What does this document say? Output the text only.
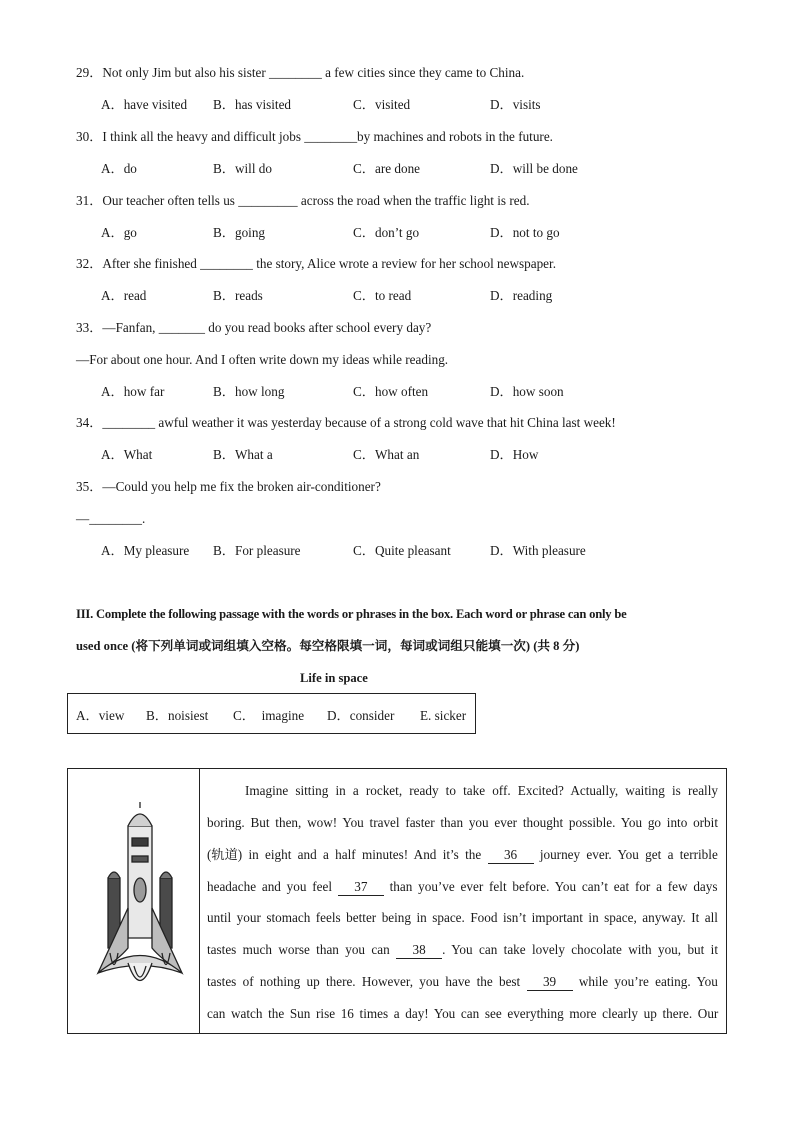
29．Not only Jim but also his sister ________ a few cities since they came to China.
A．have visited B．has visited	C．visited	D．visits
30．I think all the heavy and difficult jobs ________by machines and robots in the future.
A．do	B．will do	C．are done	D．will be done
31．Our teacher often tells us _________ across the road when the traffic light is red.
A．go	B．going	C．don’t go	D．not to go
32．After she finished ________ the story, Alice wrote a review for her school newspaper.
A．read	B．reads	C．to read	D．reading
33．—Fanfan, _______ do you read books after school every day?
—For about one hour. And I often write down my ideas while reading.
A．how far	B．how long	C．how often	D．how soon
34．________ awful weather it was yesterday because of a strong cold wave that hit China last week!
A．What	B．What a	C．What an	D．How
35．—Could you help me fix the broken air-conditioner?
—________.
A．My pleasure B．For pleasure	C．Quite pleasant	D．With pleasure
III. Complete the following passage with the words or phrases in the box. Each word or phrase can only be
used once (将下列单词或词组填入空格。每空格限填一词，每词或词组只能填一次) (共 8 分)
Life in space
A．view B．noisiest C．  imagine D．consider E. sicker
Imagine sitting in a rocket, ready to take off. Excited? Actually, waiting is really
boring. But then, wow! You travel faster than you ever thought possible. You go into orbit
(轨道) in eight and a half minutes! And it’s the 36 journey ever. You get a terrible
headache and you feel 37 than you’ve ever felt before. You can’t eat for a few days
until your stomach feels better being in space. Food isn’t important in space, anyway. It all
tastes much worse than you can 38 . You can take lovely chocolate with you, but it
tastes of nothing up there. However, you have the best 39 while you’re eating. You
can watch the Sun rise 16 times a day! You can see everything more clearly up there. Our
